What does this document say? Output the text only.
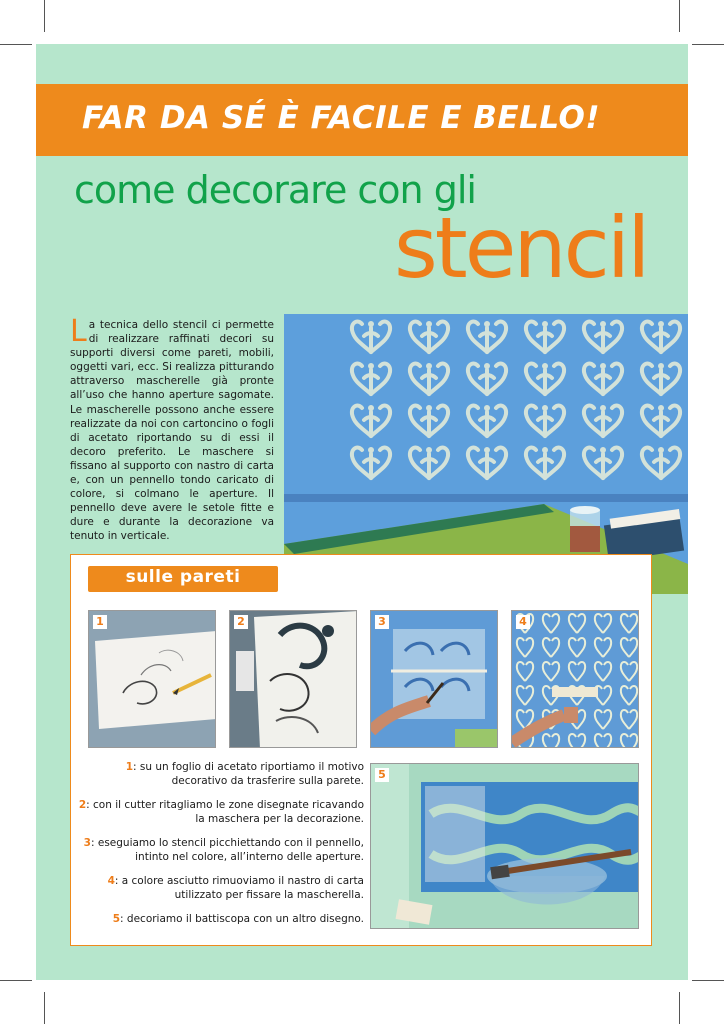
FAR DA SÉ È FACILE E BELLO!
come decorare con gli
stencil
La tecnica dello stencil ci permette di realizzare raffinati decori su supporti diversi come pareti, mobili, oggetti vari, ecc. Si realizza pitturando attraverso mascherelle già pronte all’uso che hanno aperture sagomate. Le mascherelle possono anche essere realizzate da noi con cartoncino o fogli di acetato riportando su di essi il decoro preferito. Le maschere si fissano al supporto con nastro di carta e, con un pennello tondo caricato di colore, si colmano le aperture. Il pennello deve avere le setole fitte e dure e durante la decorazione va tenuto in verticale.
sulle pareti
1	2	3	4
5
1: su un foglio di acetato riportiamo il motivo decorativo da trasferire sulla parete.
2: con il cutter ritagliamo le zone disegnate ricavando la maschera per la decorazione.
3: eseguiamo lo stencil picchiettando con il pennello, intinto nel colore, all’interno delle aperture.
4: a colore asciutto rimuoviamo il nastro di carta utilizzato per fissare la mascherella.
5: decoriamo il battiscopa con un altro disegno.
